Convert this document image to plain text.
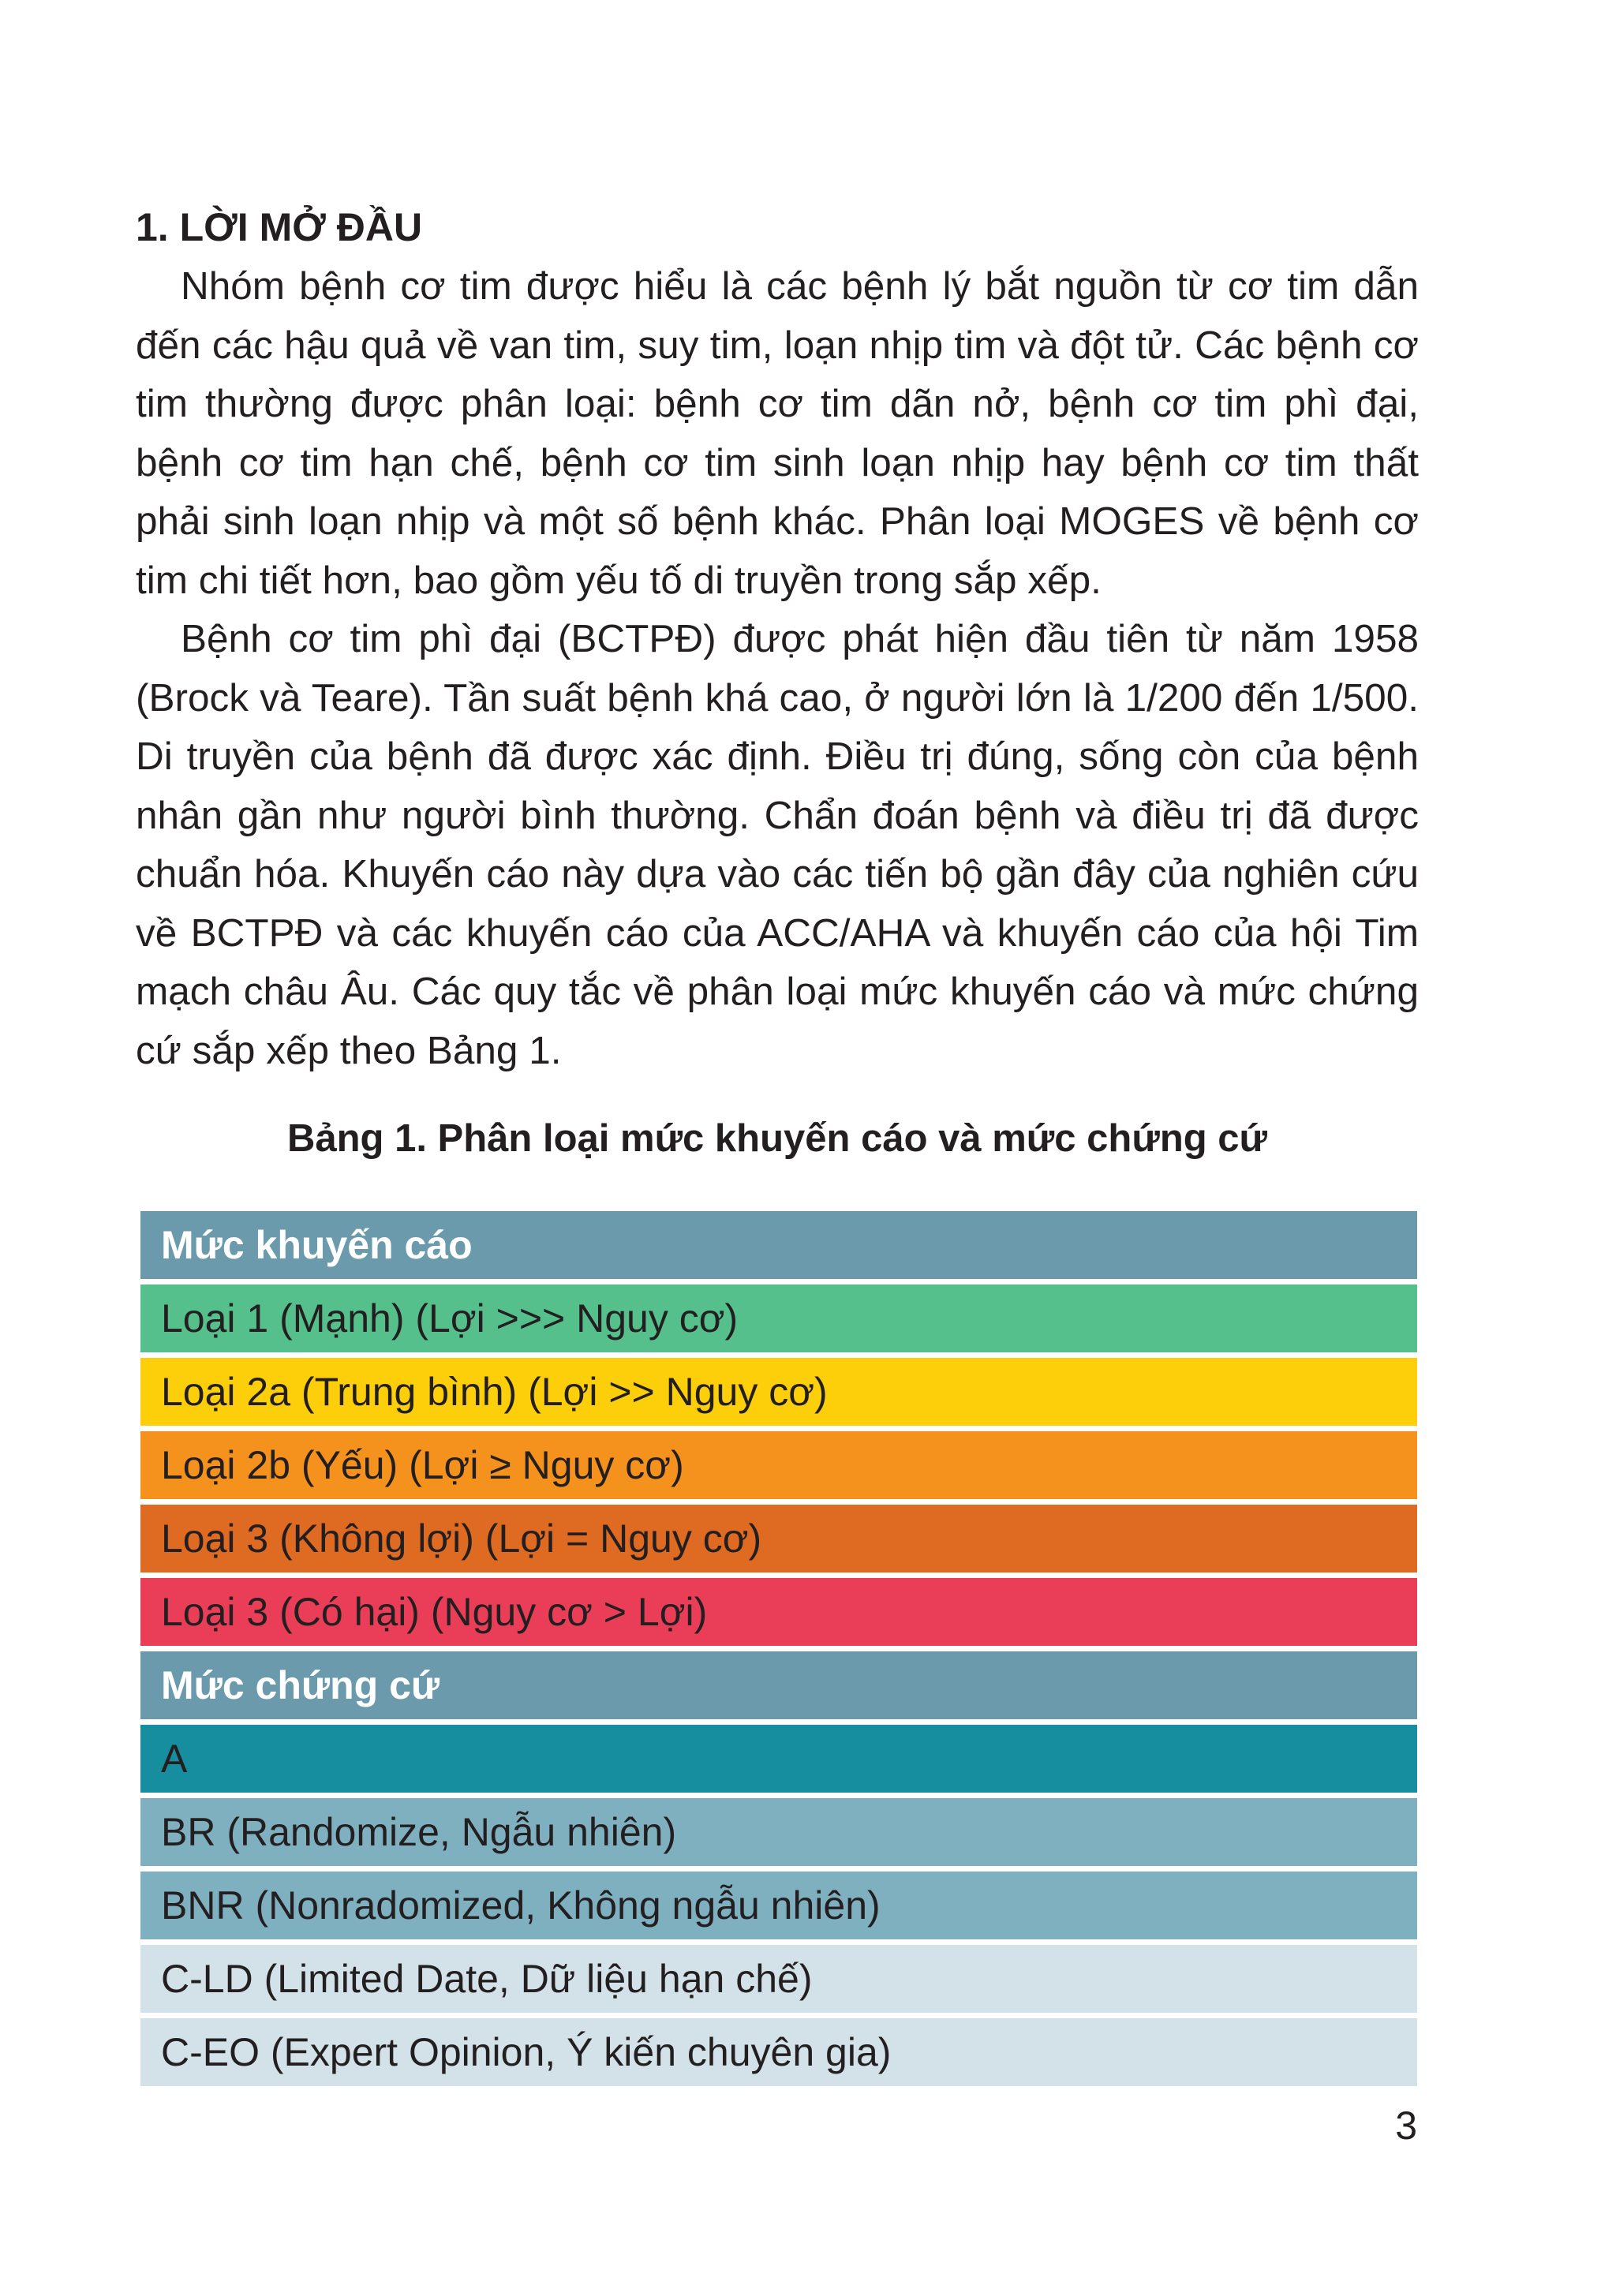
1. LỜI MỞ ĐẦU

Nhóm bệnh cơ tim được hiểu là các bệnh lý bắt nguồn từ cơ tim dẫn đến các hậu quả về van tim, suy tim, loạn nhịp tim và đột tử. Các bệnh cơ tim thường được phân loại: bệnh cơ tim dãn nở, bệnh cơ tim phì đại, bệnh cơ tim hạn chế, bệnh cơ tim sinh loạn nhịp hay bệnh cơ tim thất phải sinh loạn nhịp và một số bệnh khác. Phân loại MOGES về bệnh cơ tim chi tiết hơn, bao gồm yếu tố di truyền trong sắp xếp.

Bệnh cơ tim phì đại (BCTPĐ) được phát hiện đầu tiên từ năm 1958 (Brock và Teare). Tần suất bệnh khá cao, ở người lớn là 1/200 đến 1/500. Di truyền của bệnh đã được xác định. Điều trị đúng, sống còn của bệnh nhân gần như người bình thường. Chẩn đoán bệnh và điều trị đã được chuẩn hóa. Khuyến cáo này dựa vào các tiến bộ gần đây của nghiên cứu về BCTPĐ và các khuyến cáo của ACC/AHA và khuyến cáo của hội Tim mạch châu Âu. Các quy tắc về phân loại mức khuyến cáo và mức chứng cứ sắp xếp theo Bảng 1.

Bảng 1. Phân loại mức khuyến cáo và mức chứng cứ

Mức khuyến cáo
Loại 1 (Mạnh) (Lợi >>> Nguy cơ)
Loại 2a (Trung bình) (Lợi >> Nguy cơ)
Loại 2b (Yếu) (Lợi ≥ Nguy cơ)
Loại 3 (Không lợi) (Lợi = Nguy cơ)
Loại 3 (Có hại) (Nguy cơ > Lợi)
Mức chứng cứ
A
BR (Randomize, Ngẫu nhiên)
BNR (Nonradomized, Không ngẫu nhiên)
C-LD (Limited Date, Dữ liệu hạn chế)
C-EO (Expert Opinion, Ý kiến chuyên gia)
3
